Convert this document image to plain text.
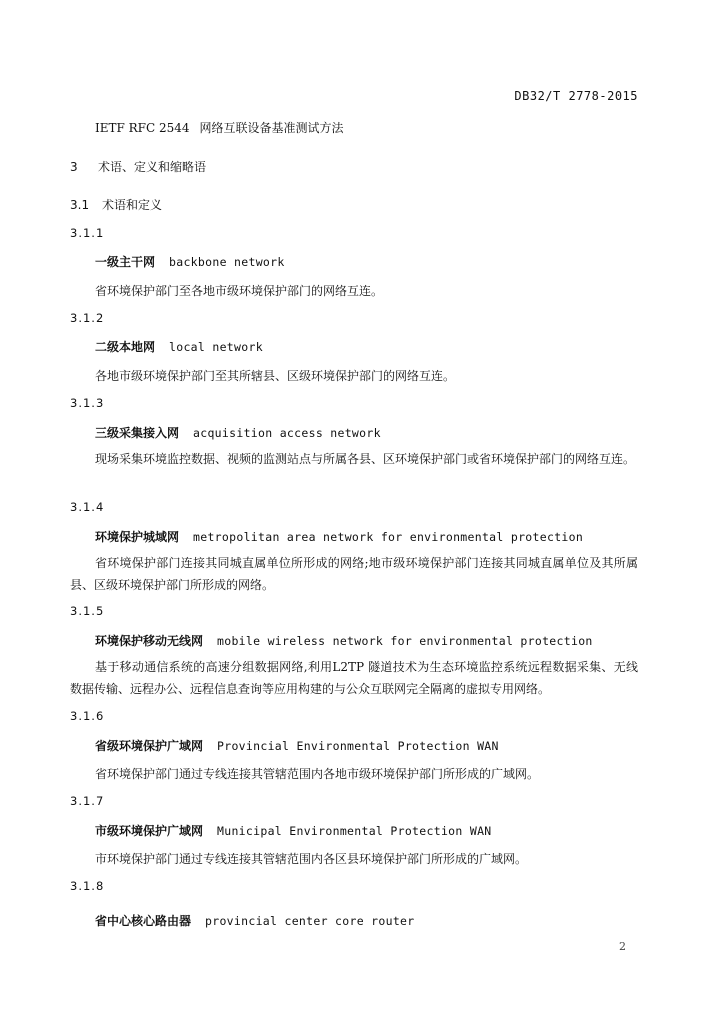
DB32/T 2778-2015
IETF RFC 2544 网络互联设备基准测试方法
3 术语、定义和缩略语
3.1 术语和定义
3.1.1
一级主干网 backbone network
省环境保护部门至各地市级环境保护部门的网络互连。
3.1.2
二级本地网 local network
各地市级环境保护部门至其所辖县、区级环境保护部门的网络互连。
3.1.3
三级采集接入网 acquisition access network
现场采集环境监控数据、视频的监测站点与所属各县、区环境保护部门或省环境保护部门的网络互连。
3.1.4
环境保护城域网 metropolitan area network for environmental protection
省环境保护部门连接其同城直属单位所形成的网络;地市级环境保护部门连接其同城直属单位及其所属县、区级环境保护部门所形成的网络。
3.1.5
环境保护移动无线网 mobile wireless network for environmental protection
基于移动通信系统的高速分组数据网络,利用L2TP 隧道技术为生态环境监控系统远程数据采集、无线数据传输、远程办公、远程信息查询等应用构建的与公众互联网完全隔离的虚拟专用网络。
3.1.6
省级环境保护广域网 Provincial Environmental Protection WAN
省环境保护部门通过专线连接其管辖范围内各地市级环境保护部门所形成的广域网。
3.1.7
市级环境保护广域网 Municipal Environmental Protection WAN
市环境保护部门通过专线连接其管辖范围内各区县环境保护部门所形成的广域网。
3.1.8
省中心核心路由器 provincial center core router
2
